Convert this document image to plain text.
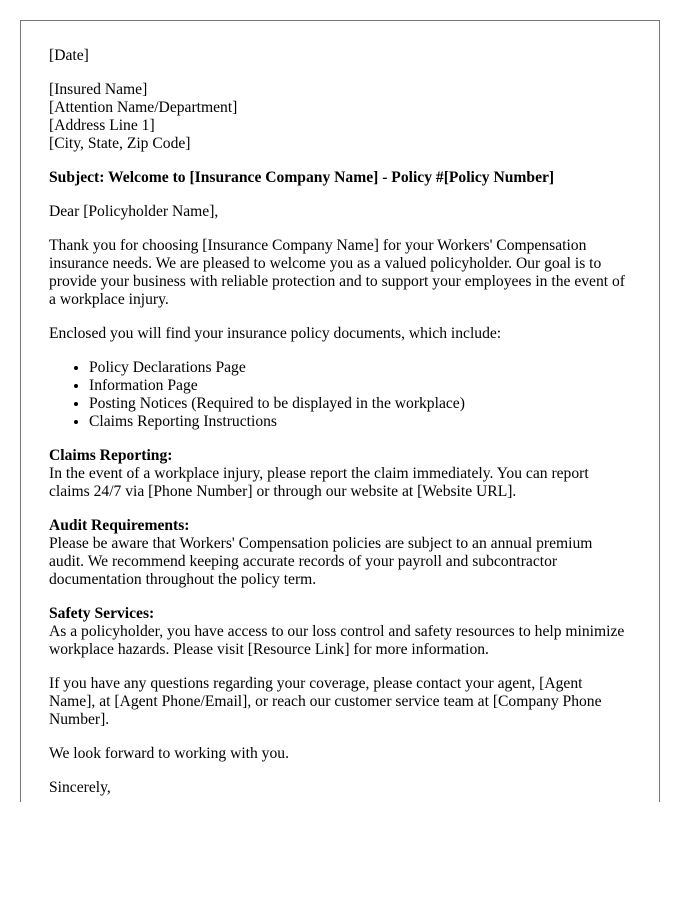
[Date]
[Insured Name]
[Attention Name/Department]
[Address Line 1]
[City, State, Zip Code]
Subject: Welcome to [Insurance Company Name] - Policy #[Policy Number]
Dear [Policyholder Name],
Thank you for choosing [Insurance Company Name] for your Workers' Compensation insurance needs. We are pleased to welcome you as a valued policyholder. Our goal is to provide your business with reliable protection and to support your employees in the event of a workplace injury.
Enclosed you will find your insurance policy documents, which include:
• Policy Declarations Page
• Information Page
• Posting Notices (Required to be displayed in the workplace)
• Claims Reporting Instructions
Claims Reporting:
In the event of a workplace injury, please report the claim immediately. You can report claims 24/7 via [Phone Number] or through our website at [Website URL].
Audit Requirements:
Please be aware that Workers' Compensation policies are subject to an annual premium audit. We recommend keeping accurate records of your payroll and subcontractor documentation throughout the policy term.
Safety Services:
As a policyholder, you have access to our loss control and safety resources to help minimize workplace hazards. Please visit [Resource Link] for more information.
If you have any questions regarding your coverage, please contact your agent, [Agent Name], at [Agent Phone/Email], or reach our customer service team at [Company Phone Number].
We look forward to working with you.
Sincerely,
